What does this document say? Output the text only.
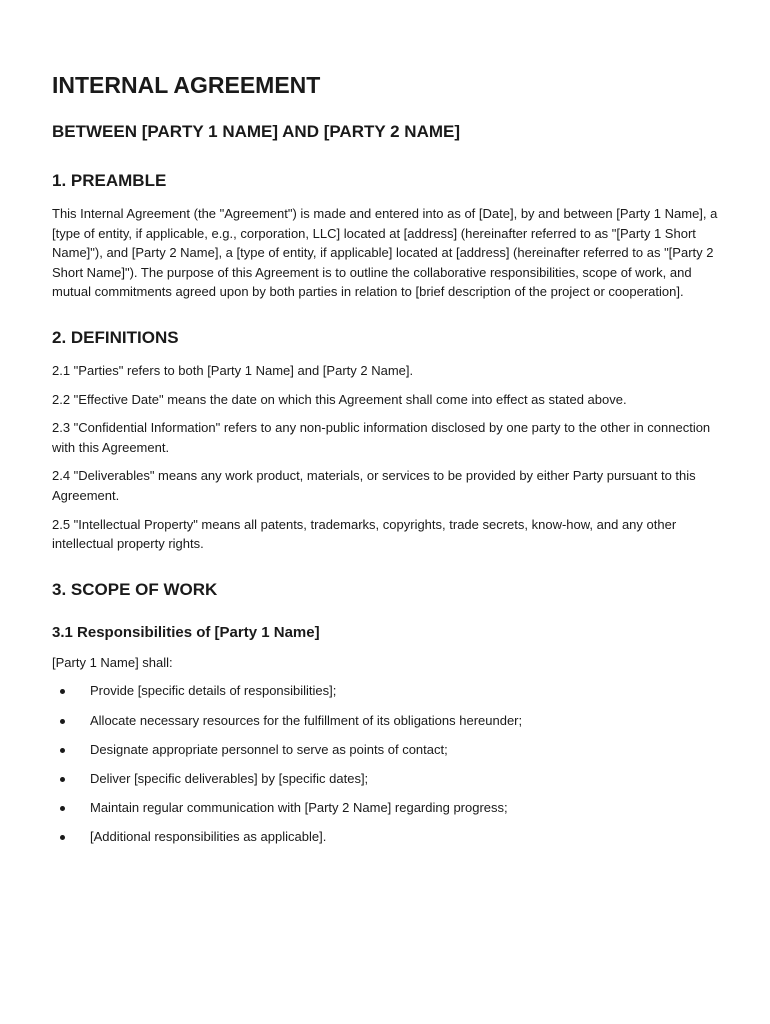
INTERNAL AGREEMENT
BETWEEN [PARTY 1 NAME] AND [PARTY 2 NAME]
1. PREAMBLE

This Internal Agreement (the "Agreement") is made and entered into as of [Date], by and between [Party 1 Name], a [type of entity, if applicable, e.g., corporation, LLC] located at [address] (hereinafter referred to as "[Party 1 Short Name]"), and [Party 2 Name], a [type of entity, if applicable] located at [address] (hereinafter referred to as "[Party 2 Short Name]"). The purpose of this Agreement is to outline the collaborative responsibilities, scope of work, and mutual commitments agreed upon by both parties in relation to [brief description of the project or cooperation].

2. DEFINITIONS

2.1 "Parties" refers to both [Party 1 Name] and [Party 2 Name].

2.2 "Effective Date" means the date on which this Agreement shall come into effect as stated above.

2.3 "Confidential Information" refers to any non-public information disclosed by one party to the other in connection with this Agreement.

2.4 "Deliverables" means any work product, materials, or services to be provided by either Party pursuant to this Agreement.

2.5 "Intellectual Property" means all patents, trademarks, copyrights, trade secrets, know-how, and any other intellectual property rights.

3. SCOPE OF WORK
3.1 Responsibilities of [Party 1 Name]

[Party 1 Name] shall:

Provide [specific details of responsibilities];
Allocate necessary resources for the fulfillment of its obligations hereunder;
Designate appropriate personnel to serve as points of contact;
Deliver [specific deliverables] by [specific dates];
Maintain regular communication with [Party 2 Name] regarding progress;
[Additional responsibilities as applicable].
